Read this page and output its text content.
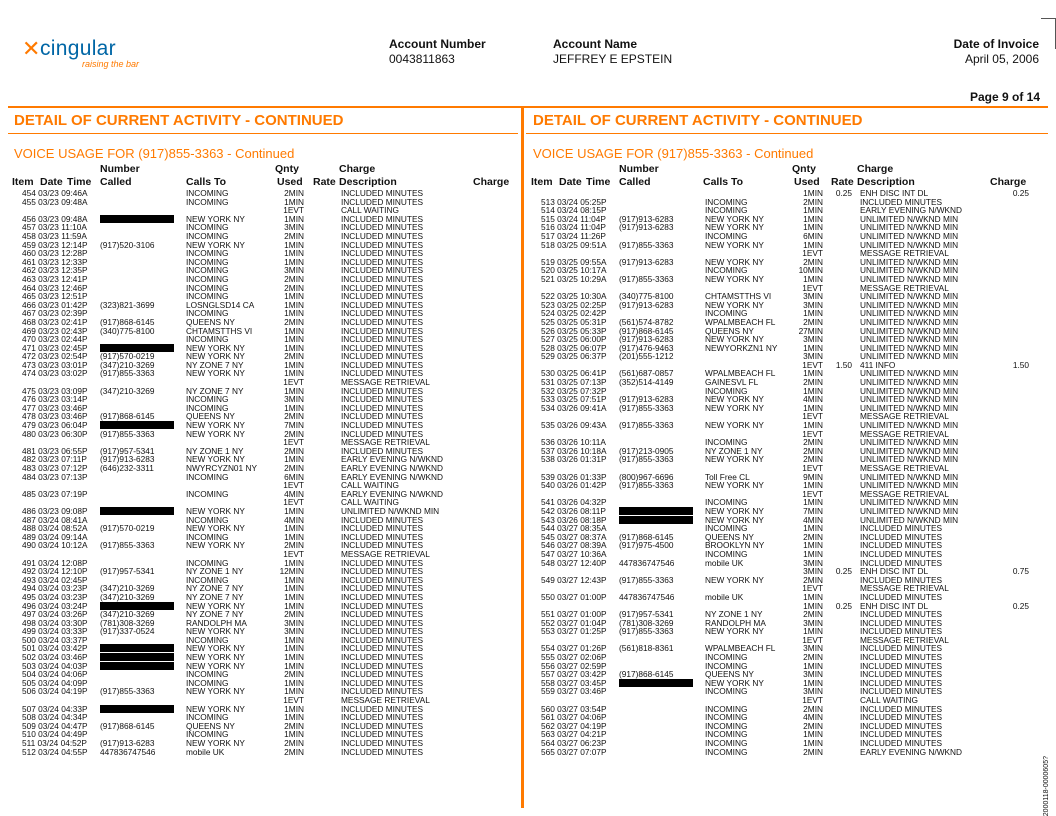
✕ cingular
raising the bar
Account Number
0043811863
Account Name
JEFFREY E EPSTEIN
Date of Invoice
April 05, 2006
Page 9 of 14
DETAIL OF CURRENT ACTIVITY - CONTINUED
VOICE USAGE FOR (917)855-3363 - Continued
Number	Qnty	Charge
Item Date Time Called	Calls To	Used Rate Description	Charge
454 03/23 09:46A	INCOMING	2MIN	INCLUDED MINUTES
455 03/23 09:48A	INCOMING	1MIN	INCLUDED MINUTES
1EVT	CALL WAITING
456 03/23 09:48A	NEW YORK NY	1MIN	INCLUDED MINUTES
457 03/23 11:10A	INCOMING	3MIN	INCLUDED MINUTES
458 03/23 11:59A	INCOMING	2MIN	INCLUDED MINUTES
459 03/23 12:14P (917)520-3106	NEW YORK NY	1MIN	INCLUDED MINUTES
460 03/23 12:28P	INCOMING	1MIN	INCLUDED MINUTES
461 03/23 12:33P	INCOMING	1MIN	INCLUDED MINUTES
462 03/23 12:35P	INCOMING	3MIN	INCLUDED MINUTES
463 03/23 12:41P	INCOMING	2MIN	INCLUDED MINUTES
464 03/23 12:46P	INCOMING	2MIN	INCLUDED MINUTES
465 03/23 12:51P	INCOMING	1MIN	INCLUDED MINUTES
466 03/23 01:42P (323)821-3699	LOSNGLSD14 CA	1MIN	INCLUDED MINUTES
467 03/23 02:39P	INCOMING	1MIN	INCLUDED MINUTES
468 03/23 02:41P (917)868-6145	QUEENS NY	2MIN	INCLUDED MINUTES
469 03/23 02:43P (340)775-8100	CHTAMSTTHS VI	1MIN	INCLUDED MINUTES
470 03/23 02:44P	INCOMING	1MIN	INCLUDED MINUTES
471 03/23 02:45P	NEW YORK NY	1MIN	INCLUDED MINUTES
472 03/23 02:54P (917)570-0219	NEW YORK NY	2MIN	INCLUDED MINUTES
473 03/23 03:01P (347)210-3269	NY ZONE 7 NY	1MIN	INCLUDED MINUTES
474 03/23 03:02P (917)855-3363	NEW YORK NY	1MIN	INCLUDED MINUTES
1EVT	MESSAGE RETRIEVAL
475 03/23 03:09P (347)210-3269	NY ZONE 7 NY	1MIN	INCLUDED MINUTES
476 03/23 03:14P	INCOMING	3MIN	INCLUDED MINUTES
477 03/23 03:46P	INCOMING	1MIN	INCLUDED MINUTES
478 03/23 03:46P (917)868-6145	QUEENS NY	2MIN	INCLUDED MINUTES
479 03/23 06:04P	NEW YORK NY	7MIN	INCLUDED MINUTES
480 03/23 06:30P (917)855-3363	NEW YORK NY	2MIN	INCLUDED MINUTES
1EVT	MESSAGE RETRIEVAL
481 03/23 06:55P (917)957-5341	NY ZONE 1 NY	2MIN	INCLUDED MINUTES
482 03/23 07:11P (917)913-6283	NEW YORK NY	1MIN	EARLY EVENING N/WKND
483 03/23 07:12P (646)232-3311	NWYRCYZN01 NY	2MIN	EARLY EVENING N/WKND
484 03/23 07:13P	INCOMING	6MIN	EARLY EVENING N/WKND
1EVT	CALL WAITING
485 03/23 07:19P	INCOMING	4MIN	EARLY EVENING N/WKND
1EVT	CALL WAITING
486 03/23 09:08P	NEW YORK NY	1MIN	UNLIMITED N/WKND MIN
487 03/24 08:41A	INCOMING	4MIN	INCLUDED MINUTES
488 03/24 08:52A (917)570-0219	NEW YORK NY	1MIN	INCLUDED MINUTES
489 03/24 09:14A	INCOMING	1MIN	INCLUDED MINUTES
490 03/24 10:12A (917)855-3363	NEW YORK NY	2MIN	INCLUDED MINUTES
1EVT	MESSAGE RETRIEVAL
491 03/24 12:08P	INCOMING	1MIN	INCLUDED MINUTES
492 03/24 12:10P (917)957-5341	NY ZONE 1 NY	12MIN	INCLUDED MINUTES
493 03/24 02:45P	INCOMING	1MIN	INCLUDED MINUTES
494 03/24 03:23P (347)210-3269	NY ZONE 7 NY	1MIN	INCLUDED MINUTES
495 03/24 03:23P (347)210-3269	NY ZONE 7 NY	1MIN	INCLUDED MINUTES
496 03/24 03:24P	NEW YORK NY	1MIN	INCLUDED MINUTES
497 03/24 03:26P (347)210-3269	NY ZONE 7 NY	2MIN	INCLUDED MINUTES
498 03/24 03:30P (781)308-3269	RANDOLPH MA	3MIN	INCLUDED MINUTES
499 03/24 03:33P (917)337-0524	NEW YORK NY	3MIN	INCLUDED MINUTES
500 03/24 03:37P	INCOMING	1MIN	INCLUDED MINUTES
501 03/24 03:42P	NEW YORK NY	1MIN	INCLUDED MINUTES
502 03/24 03:46P	NEW YORK NY	1MIN	INCLUDED MINUTES
503 03/24 04:03P	NEW YORK NY	1MIN	INCLUDED MINUTES
504 03/24 04:06P	INCOMING	2MIN	INCLUDED MINUTES
505 03/24 04:09P	INCOMING	1MIN	INCLUDED MINUTES
506 03/24 04:19P (917)855-3363	NEW YORK NY	1MIN	INCLUDED MINUTES
1EVT	MESSAGE RETRIEVAL
507 03/24 04:33P	NEW YORK NY	1MIN	INCLUDED MINUTES
508 03/24 04:34P	INCOMING	1MIN	INCLUDED MINUTES
509 03/24 04:47P (917)868-6145	QUEENS NY	2MIN	INCLUDED MINUTES
510 03/24 04:49P	INCOMING	1MIN	INCLUDED MINUTES
511 03/24 04:52P (917)913-6283	NEW YORK NY	2MIN	INCLUDED MINUTES
512 03/24 04:55P 447836747546	mobile UK	2MIN	INCLUDED MINUTES
DETAIL OF CURRENT ACTIVITY - CONTINUED
VOICE USAGE FOR (917)855-3363 - Continued
Number	Qnty	Charge
Item Date Time Called	Calls To	Used Rate Description	Charge
1MIN	0.25 ENH DISC INT DL	0.25
513 03/24 05:25P	INCOMING	2MIN	INCLUDED MINUTES
514 03/24 08:15P	INCOMING	1MIN	EARLY EVENING N/WKND
515 03/24 11:04P (917)913-6283	NEW YORK NY	1MIN	UNLIMITED N/WKND MIN
516 03/24 11:04P (917)913-6283	NEW YORK NY	1MIN	UNLIMITED N/WKND MIN
517 03/24 11:26P	INCOMING	6MIN	UNLIMITED N/WKND MIN
518 03/25 09:51A (917)855-3363	NEW YORK NY	1MIN	UNLIMITED N/WKND MIN
1EVT	MESSAGE RETRIEVAL
519 03/25 09:55A (917)913-6283	NEW YORK NY	2MIN	UNLIMITED N/WKND MIN
520 03/25 10:17A	INCOMING	10MIN	UNLIMITED N/WKND MIN
521 03/25 10:29A (917)855-3363	NEW YORK NY	1MIN	UNLIMITED N/WKND MIN
1EVT	MESSAGE RETRIEVAL
522 03/25 10:30A (340)775-8100	CHTAMSTTHS VI	3MIN	UNLIMITED N/WKND MIN
523 03/25 02:25P (917)913-6283	NEW YORK NY	3MIN	UNLIMITED N/WKND MIN
524 03/25 02:42P	INCOMING	1MIN	UNLIMITED N/WKND MIN
525 03/25 05:31P (561)574-8782	WPALMBEACH FL	2MIN	UNLIMITED N/WKND MIN
526 03/25 05:33P (917)868-6145	QUEENS NY	27MIN	UNLIMITED N/WKND MIN
527 03/25 06:00P (917)913-6283	NEW YORK NY	3MIN	UNLIMITED N/WKND MIN
528 03/25 06:07P (917)476-9463	NEWYORKZN1 NY	1MIN	UNLIMITED N/WKND MIN
529 03/25 06:37P (201)555-1212	3MIN	UNLIMITED N/WKND MIN
1EVT	1.50 411 INFO	1.50
530 03/25 06:41P (561)687-0857	WPALMBEACH FL	1MIN	UNLIMITED N/WKND MIN
531 03/25 07:13P (352)514-4149	GAINESVL FL	2MIN	UNLIMITED N/WKND MIN
532 03/25 07:32P	INCOMING	1MIN	UNLIMITED N/WKND MIN
533 03/25 07:51P (917)913-6283	NEW YORK NY	4MIN	UNLIMITED N/WKND MIN
534 03/26 09:41A (917)855-3363	NEW YORK NY	1MIN	UNLIMITED N/WKND MIN
1EVT	MESSAGE RETRIEVAL
535 03/26 09:43A (917)855-3363	NEW YORK NY	1MIN	UNLIMITED N/WKND MIN
1EVT	MESSAGE RETRIEVAL
536 03/26 10:11A	INCOMING	2MIN	UNLIMITED N/WKND MIN
537 03/26 10:18A (917)213-0905	NY ZONE 1 NY	2MIN	UNLIMITED N/WKND MIN
538 03/26 01:31P (917)855-3363	NEW YORK NY	2MIN	UNLIMITED N/WKND MIN
1EVT	MESSAGE RETRIEVAL
539 03/26 01:33P (800)967-6696	Toll Free CL	9MIN	UNLIMITED N/WKND MIN
540 03/26 01:42P (917)855-3363	NEW YORK NY	1MIN	UNLIMITED N/WKND MIN
1EVT	MESSAGE RETRIEVAL
541 03/26 04:32P	INCOMING	1MIN	UNLIMITED N/WKND MIN
542 03/26 08:11P	NEW YORK NY	7MIN	UNLIMITED N/WKND MIN
543 03/26 08:18P	NEW YORK NY	4MIN	UNLIMITED N/WKND MIN
544 03/27 08:35A	INCOMING	1MIN	INCLUDED MINUTES
545 03/27 08:37A (917)868-6145	QUEENS NY	2MIN	INCLUDED MINUTES
546 03/27 08:39A (917)975-4500	BROOKLYN NY	1MIN	INCLUDED MINUTES
547 03/27 10:36A	INCOMING	1MIN	INCLUDED MINUTES
548 03/27 12:40P 447836747546	mobile UK	3MIN	INCLUDED MINUTES
3MIN	0.25 ENH DISC INT DL	0.75
549 03/27 12:43P (917)855-3363	NEW YORK NY	2MIN	INCLUDED MINUTES
1EVT	MESSAGE RETRIEVAL
550 03/27 01:00P 447836747546	mobile UK	1MIN	INCLUDED MINUTES
1MIN	0.25 ENH DISC INT DL	0.25
551 03/27 01:00P (917)957-5341	NY ZONE 1 NY	2MIN	INCLUDED MINUTES
552 03/27 01:04P (781)308-3269	RANDOLPH MA	3MIN	INCLUDED MINUTES
553 03/27 01:25P (917)855-3363	NEW YORK NY	1MIN	INCLUDED MINUTES
1EVT	MESSAGE RETRIEVAL
554 03/27 01:26P (561)818-8361	WPALMBEACH FL	3MIN	INCLUDED MINUTES
555 03/27 02:06P	INCOMING	2MIN	INCLUDED MINUTES
556 03/27 02:59P	INCOMING	1MIN	INCLUDED MINUTES
557 03/27 03:42P (917)868-6145	QUEENS NY	3MIN	INCLUDED MINUTES
558 03/27 03:45P	NEW YORK NY	1MIN	INCLUDED MINUTES
559 03/27 03:46P	INCOMING	3MIN	INCLUDED MINUTES
1EVT	CALL WAITING
560 03/27 03:54P	INCOMING	2MIN	INCLUDED MINUTES
561 03/27 04:06P	INCOMING	4MIN	INCLUDED MINUTES
562 03/27 04:19P	INCOMING	2MIN	INCLUDED MINUTES
563 03/27 04:21P	INCOMING	1MIN	INCLUDED MINUTES
564 03/27 06:23P	INCOMING	1MIN	INCLUDED MINUTES
565 03/27 07:07P	INCOMING	2MIN	EARLY EVENING N/WKND
2000118-0000605?
